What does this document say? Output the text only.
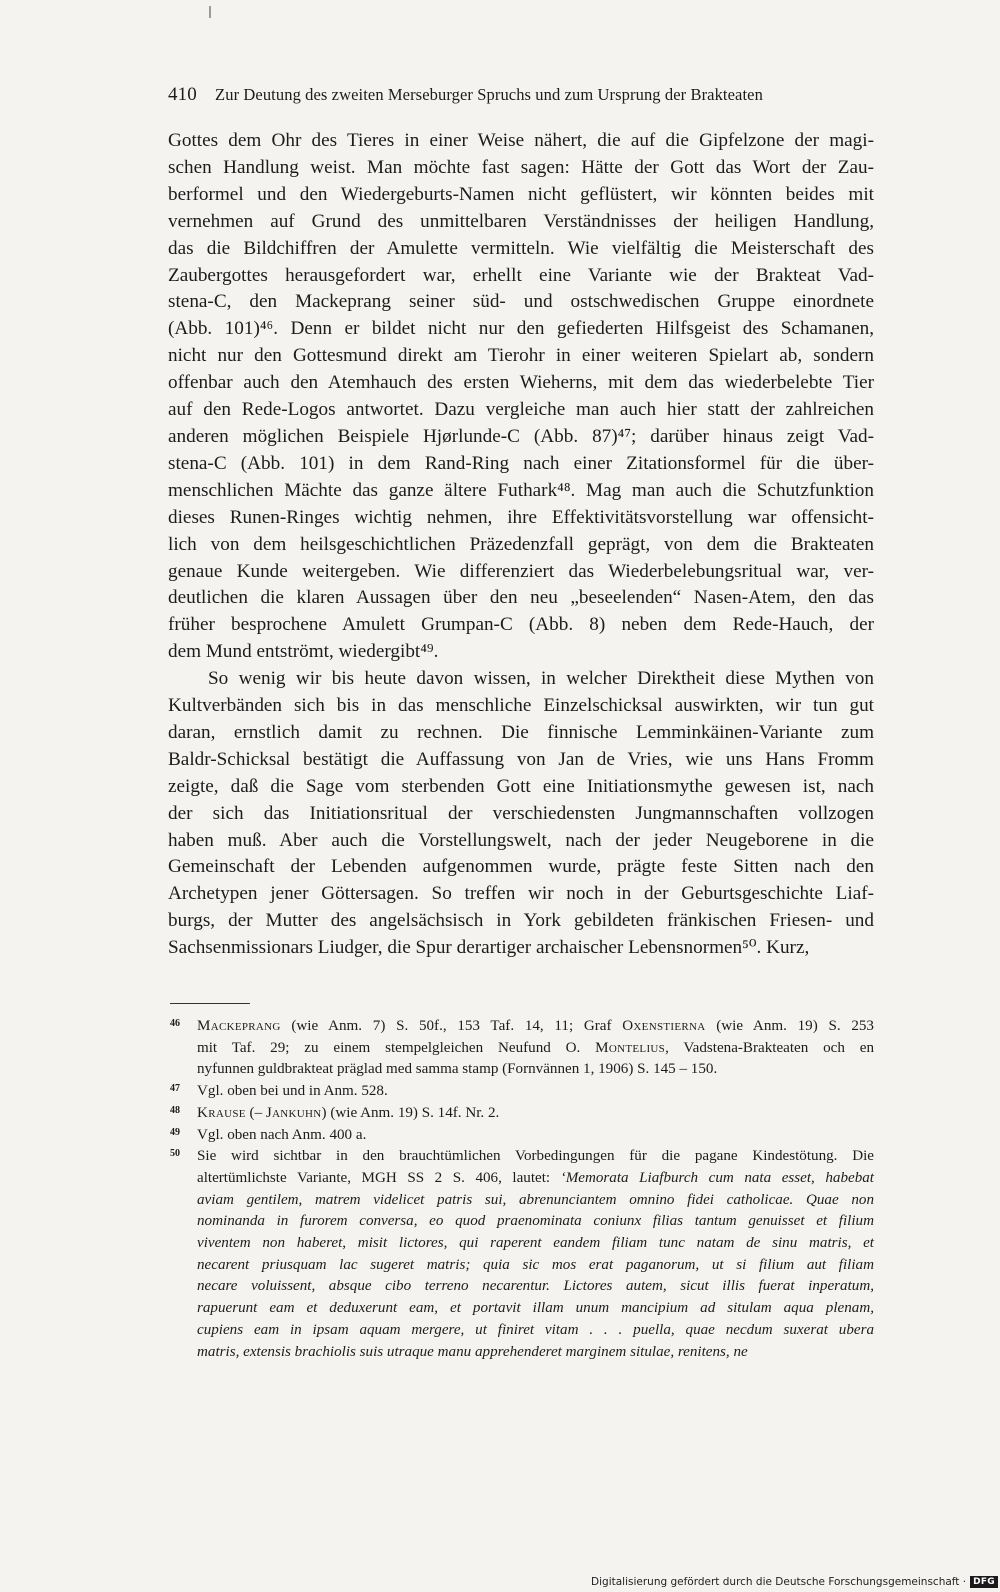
410 Zur Deutung des zweiten Merseburger Spruchs und zum Ursprung der Brakteaten
Gottes dem Ohr des Tieres in einer Weise nähert, die auf die Gipfelzone der magi-
schen Handlung weist. Man möchte fast sagen: Hätte der Gott das Wort der Zau-
berformel und den Wiedergeburts-Namen nicht geflüstert, wir könnten beides mit
vernehmen auf Grund des unmittelbaren Verständnisses der heiligen Handlung,
das die Bildchiffren der Amulette vermitteln. Wie vielfältig die Meisterschaft des
Zaubergottes herausgefordert war, erhellt eine Variante wie der Brakteat Vad-
stena-C, den Mackeprang seiner süd- und ostschwedischen Gruppe einordnete
(Abb. 101)⁴⁶. Denn er bildet nicht nur den gefiederten Hilfsgeist des Schamanen,
nicht nur den Gottesmund direkt am Tierohr in einer weiteren Spielart ab, sondern
offenbar auch den Atemhauch des ersten Wieherns, mit dem das wiederbelebte Tier
auf den Rede-Logos antwortet. Dazu vergleiche man auch hier statt der zahlreichen
anderen möglichen Beispiele Hjørlunde-C (Abb. 87)⁴⁷; darüber hinaus zeigt Vad-
stena-C (Abb. 101) in dem Rand-Ring nach einer Zitationsformel für die über-
menschlichen Mächte das ganze ältere Futhark⁴⁸. Mag man auch die Schutzfunktion
dieses Runen-Ringes wichtig nehmen, ihre Effektivitätsvorstellung war offensicht-
lich von dem heilsgeschichtlichen Präzedenzfall geprägt, von dem die Brakteaten
genaue Kunde weitergeben. Wie differenziert das Wiederbelebungsritual war, ver-
deutlichen die klaren Aussagen über den neu „beseelenden“ Nasen-Atem, den das
früher besprochene Amulett Grumpan-C (Abb. 8) neben dem Rede-Hauch, der
dem Mund entströmt, wiedergibt⁴⁹.
So wenig wir bis heute davon wissen, in welcher Direktheit diese Mythen von
Kultverbänden sich bis in das menschliche Einzelschicksal auswirkten, wir tun gut
daran, ernstlich damit zu rechnen. Die finnische Lemminkäinen-Variante zum
Baldr-Schicksal bestätigt die Auffassung von Jan de Vries, wie uns Hans Fromm
zeigte, daß die Sage vom sterbenden Gott eine Initiationsmythe gewesen ist, nach
der sich das Initiationsritual der verschiedensten Jungmannschaften vollzogen
haben muß. Aber auch die Vorstellungswelt, nach der jeder Neugeborene in die
Gemeinschaft der Lebenden aufgenommen wurde, prägte feste Sitten nach den
Archetypen jener Göttersagen. So treffen wir noch in der Geburtsgeschichte Liaf-
burgs, der Mutter des angelsächsisch in York gebildeten fränkischen Friesen- und
Sachsenmissionars Liudger, die Spur derartiger archaischer Lebensnormen⁵⁰. Kurz,
46 Mackeprang (wie Anm. 7) S. 50f., 153 Taf. 14, 11; Graf Oxenstierna (wie Anm. 19) S. 253
mit Taf. 29; zu einem stempelgleichen Neufund O. Montelius, Vadstena-Brakteaten och en
nyfunnen guldbrakteat präglad med samma stamp (Fornvännen 1, 1906) S. 145 – 150.
47 Vgl. oben bei und in Anm. 528.
48 Krause (– Jankuhn) (wie Anm. 19) S. 14f. Nr. 2.
49 Vgl. oben nach Anm. 400 a.
50 Sie wird sichtbar in den brauchtümlichen Vorbedingungen für die pagane Kindestötung. Die
altertümlichste Variante, MGH SS 2 S. 406, lautet: ‘Memorata Liafburch cum nata esset, habebat
aviam gentilem, matrem videlicet patris sui, abrenunciantem omnino fidei catholicae. Quae non
nominanda in furorem conversa, eo quod praenominata coniunx filias tantum genuisset et filium
viventem non haberet, misit lictores, qui raperent eandem filiam tunc natam de sinu matris, et
necarent priusquam lac sugeret matris; quia sic mos erat paganorum, ut si filium aut filiam
necare voluissent, absque cibo terreno necarentur. Lictores autem, sicut illis fuerat inperatum,
rapuerunt eam et deduxerunt eam, et portavit illam unum mancipium ad situlam aqua plenam,
cupiens eam in ipsam aquam mergere, ut finiret vitam . . . puella, quae necdum suxerat ubera
matris, extensis brachiolis suis utraque manu apprehenderet marginem situlae, renitens, ne
Digitalisierung gefördert durch die Deutsche Forschungsgemeinschaft · DFG
